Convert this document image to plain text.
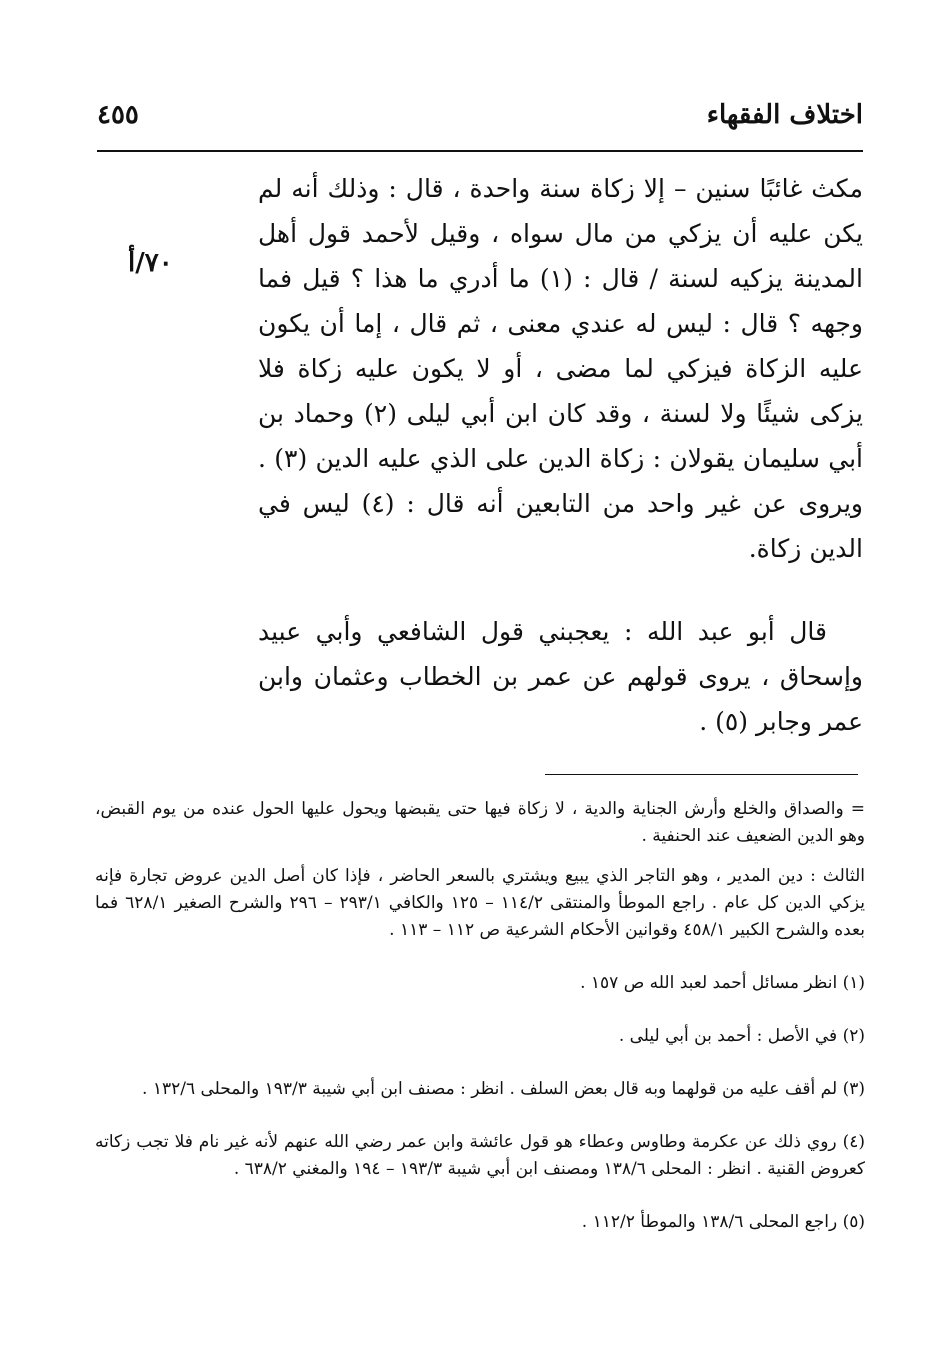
اختلاف الفقهاء
٤٥٥
٧٠/أ

مكث غائبًا سنين – إلا زكاة سنة واحدة ، قال : وذلك أنه لم يكن عليه أن يزكي من مال سواه ، وقيل لأحمد قول أهل المدينة يزكيه لسنة / قال : (١) ما أدري ما هذا ؟ قيل فما وجهه ؟ قال : ليس له عندي معنى ، ثم قال ، إما أن يكون عليه الزكاة فيزكي لما مضى ، أو لا يكون عليه زكاة فلا يزكى شيئًا ولا لسنة ، وقد كان ابن أبي ليلى (٢) وحماد بن أبي سليمان يقولان : زكاة الدين على الذي عليه الدين (٣) . ويروى عن غير واحد من التابعين أنه قال : (٤) ليس في الدين زكاة.

قال أبو عبد الله : يعجبني قول الشافعي وأبي عبيد وإسحاق ، يروى قولهم عن عمر بن الخطاب وعثمان وابن عمر وجابر (٥) .

= والصداق والخلع وأرش الجناية والدية ، لا زكاة فيها حتى يقبضها ويحول عليها الحول عنده من يوم القبض، وهو الدين الضعيف عند الحنفية .

الثالث : دين المدير ، وهو التاجر الذي يبيع ويشتري بالسعر الحاضر ، فإذا كان أصل الدين عروض تجارة فإنه يزكي الدين كل عام . راجع الموطأ والمنتقى ١١٤/٢ – ١٢٥ والكافي ٢٩٣/١ – ٢٩٦ والشرح الصغير ٦٢٨/١ فما بعده والشرح الكبير ٤٥٨/١ وقوانين الأحكام الشرعية ص ١١٢ – ١١٣ .

(١) انظر مسائل أحمد لعبد الله ص ١٥٧ .

(٢) في الأصل : أحمد بن أبي ليلى .

(٣) لم أقف عليه من قولهما وبه قال بعض السلف . انظر : مصنف ابن أبي شيبة ١٩٣/٣ والمحلى ١٣٢/٦ .

(٤) روي ذلك عن عكرمة وطاوس وعطاء هو قول عائشة وابن عمر رضي الله عنهم لأنه غير نام فلا تجب زكاته كعروض القنية . انظر : المحلى ١٣٨/٦ ومصنف ابن أبي شيبة ١٩٣/٣ – ١٩٤ والمغني ٦٣٨/٢ .

(٥) راجع المحلى ١٣٨/٦ والموطأ ١١٢/٢ .
